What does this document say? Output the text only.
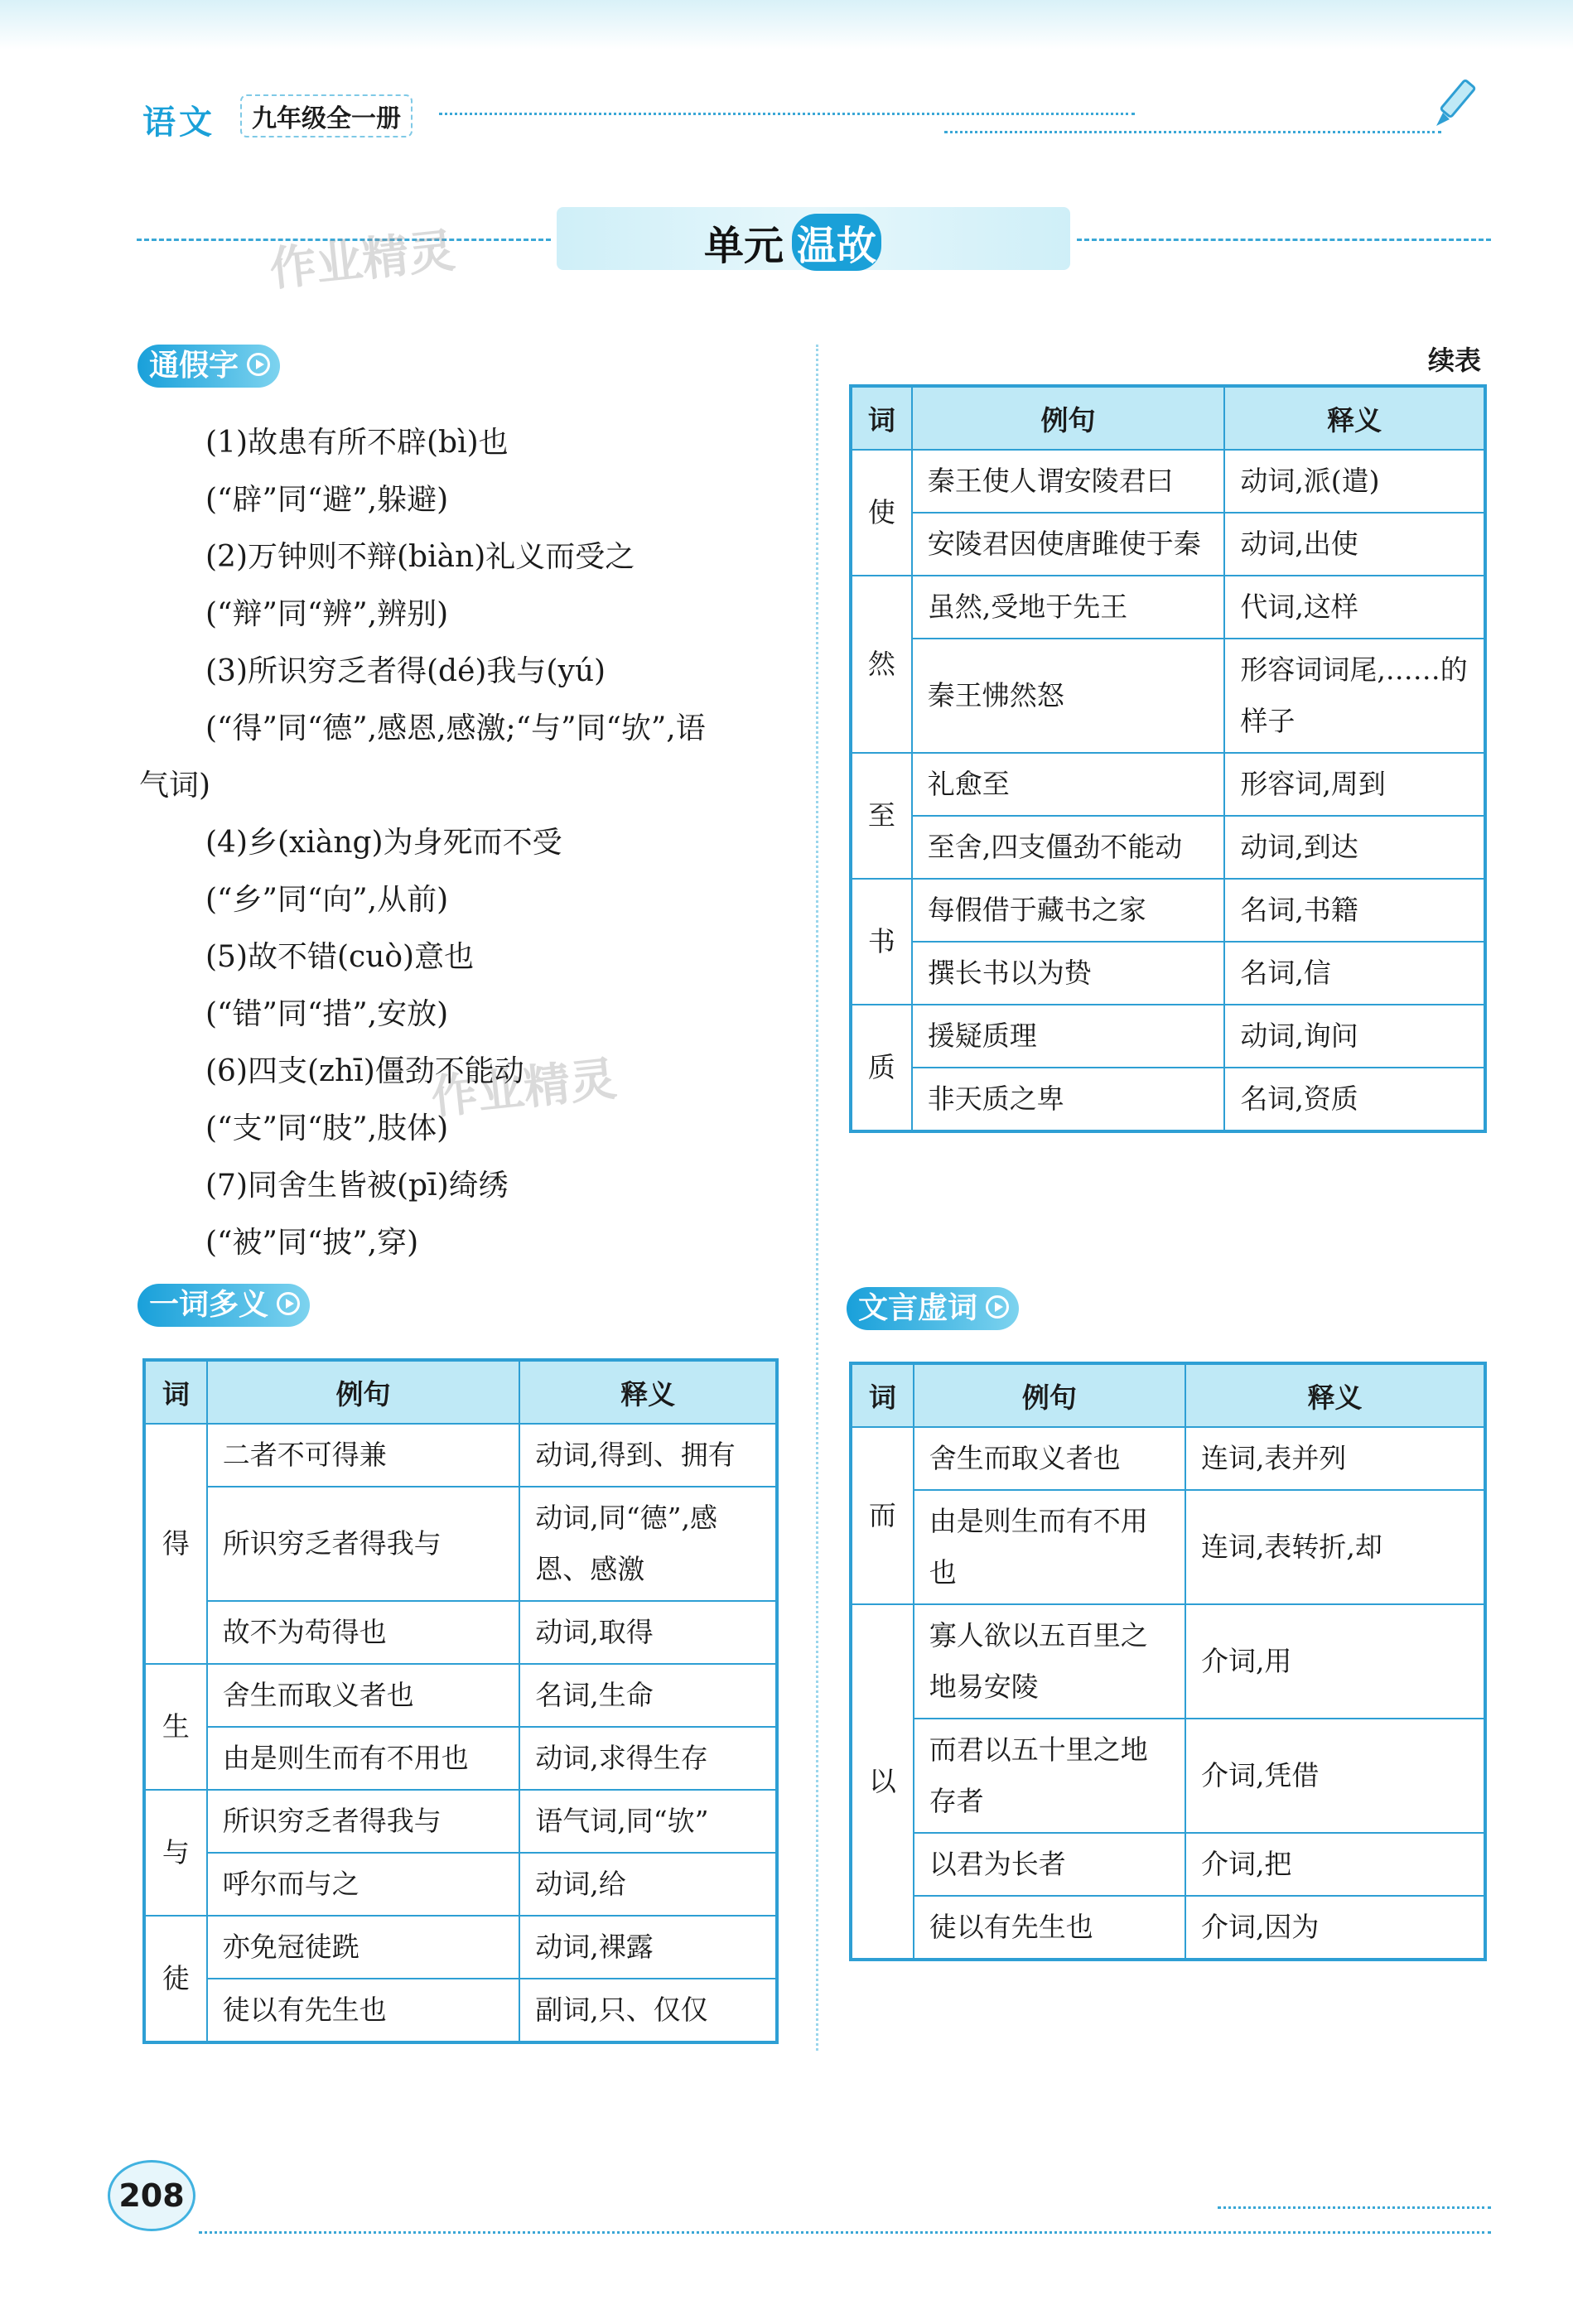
语文	九年级全一册
单元 温故
作业精灵
作业精灵
通假字
(1)故患有所不辟(bì)也
(“辟”同“避”,躲避)
(2)万钟则不辩(biàn)礼义而受之
(“辩”同“辨”,辨别)
(3)所识穷乏者得(dé)我与(yú)
(“得”同“德”,感恩,感激;“与”同“欤”,语
气词)
(4)乡(xiàng)为身死而不受
(“乡”同“向”,从前)
(5)故不错(cuò)意也
(“错”同“措”,安放)
(6)四支(zhī)僵劲不能动
(“支”同“肢”,肢体)
(7)同舍生皆被(pī)绮绣
(“被”同“披”,穿)
一词多义
词	例句	释义
得	二者不可得兼	动词,得到、拥有
	所识穷乏者得我与	动词,同“德”,感恩、感激
	故不为苟得也	动词,取得
生	舍生而取义者也	名词,生命
	由是则生而有不用也	动词,求得生存
与	所识穷乏者得我与	语气词,同“欤”
	呼尔而与之	动词,给
徒	亦免冠徒跣	动词,裸露
	徒以有先生也	副词,只、仅仅
续表
词	例句	释义
使	秦王使人谓安陵君曰	动词,派(遣)
	安陵君因使唐雎使于秦	动词,出使
然	虽然,受地于先王	代词,这样
	秦王怫然怒	形容词词尾,……的样子
至	礼愈至	形容词,周到
	至舍,四支僵劲不能动	动词,到达
书	每假借于藏书之家	名词,书籍
	撰长书以为贽	名词,信
质	援疑质理	动词,询问
	非天质之卑	名词,资质
文言虚词
词	例句	释义
而	舍生而取义者也	连词,表并列
	由是则生而有不用也	连词,表转折,却
以	寡人欲以五百里之地易安陵	介词,用
	而君以五十里之地存者	介词,凭借
	以君为长者	介词,把
	徒以有先生也	介词,因为
208
